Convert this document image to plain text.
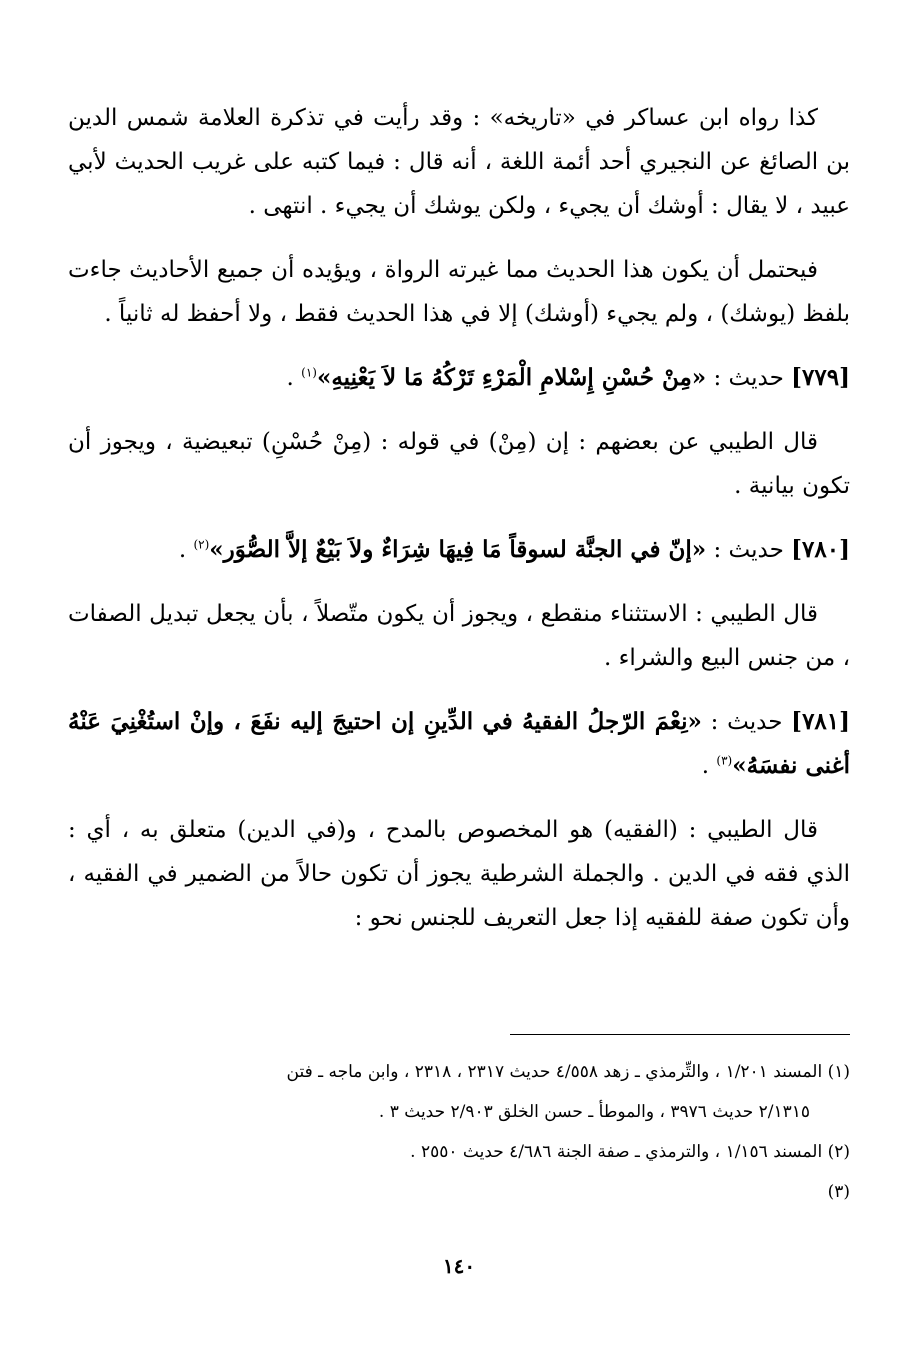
كذا رواه ابن عساكر في «تاريخه» : وقد رأيت في تذكرة العلامة شمس الدين بن الصائغ عن النجيري أحد أئمة اللغة ، أنه قال : فيما كتبه على غريب الحديث لأبي عبيد ، لا يقال : أوشك أن يجيء ، ولكن يوشك أن يجيء . انتهى .

فيحتمل أن يكون هذا الحديث مما غيرته الرواة ، ويؤيده أن جميع الأحاديث جاءت بلفظ (يوشك) ، ولم يجيء (أوشك) إلا في هذا الحديث فقط ، ولا أحفظ له ثانياً .

[٧٧٩] حديث : «مِنْ حُسْنِ إِسْلامِ الْمَرْءِ تَرْكُهُ مَا لاَ يَعْنِيهِ»$^{(١)}$ .

قال الطيبي عن بعضهم : إن (مِنْ) في قوله : (مِنْ حُسْنِ) تبعيضية ، ويجوز أن تكون بيانية .

[٧٨٠] حديث : «إنّ في الجنَّة لسوقاً مَا فِيهَا شِرَاءٌ ولاَ بَيْعٌ إلاَّ الصُّوَر»$^{(٢)}$ .

قال الطيبي : الاستثناء منقطع ، ويجوز أن يكون متّصلاً ، بأن يجعل تبديل الصفات ، من جنس البيع والشراء .

[٧٨١] حديث : «نِعْمَ الرّجلُ الفقيهُ في الدِّينِ إن احتيجَ إليه نفَعَ ، وإنْ استُغْنِيَ عَنْهُ أغنى نفسَهُ»$^{(٣)}$ .

قال الطيبي : (الفقيه) هو المخصوص بالمدح ، و(في الدين) متعلق به ، أي : الذي فقه في الدين . والجملة الشرطية يجوز أن تكون حالاً من الضمير في الفقيه ، وأن تكون صفة للفقيه إذا جعل التعريف للجنس نحو :

(١) المسند ١/٢٠١ ، والتِّرمذي ـ زهد ٤/٥٥٨ حديث ٢٣١٧ ، ٢٣١٨ ، وابن ماجه ـ فتن

٢/١٣١٥ حديث ٣٩٧٦ ، والموطأ ـ حسن الخلق ٢/٩٠٣ حديث ٣ .

(٢) المسند ١/١٥٦ ، والترمذي ـ صفة الجنة ٤/٦٨٦ حديث ٢٥٥٠ .

(٣)

١٤٠
